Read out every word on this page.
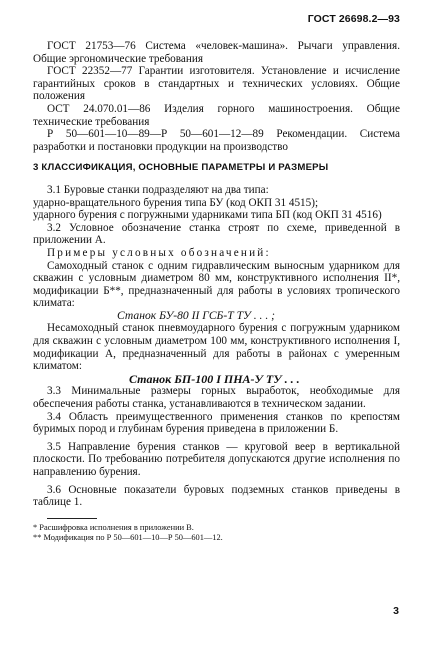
ГОСТ 26698.2—93

ГОСТ 21753—76 Система «человек-машина». Рычаги управления. Общие эргономические требования

ГОСТ 22352—77 Гарантии изготовителя. Установление и исчисление гарантийных сроков в стандартных и технических условиях. Общие положения

ОСТ 24.070.01—86 Изделия горного машиностроения. Общие технические требования

Р 50—601—10—89—Р 50—601—12—89 Рекомендации. Система разработки и постановки продукции на производство

3 КЛАССИФИКАЦИЯ, ОСНОВНЫЕ ПАРАМЕТРЫ И РАЗМЕРЫ

3.1 Буровые станки подразделяют на два типа:

ударно-вращательного бурения типа БУ (код ОКП 31 4515);

ударного бурения с погружными ударниками типа БП (код ОКП 31 4516)

3.2 Условное обозначение станка строят по схеме, приведенной в приложении А.

Примеры условных обозначений:

Самоходный станок с одним гидравлическим выносным ударником для скважин с условным диаметром 80 мм, конструктивного исполнения II*, модификации Б**, предназначенный для работы в условиях тропического климата:

Станок БУ-80 II ГСБ-Т ТУ . . . ;

Несамоходный станок пневмоударного бурения с погружным ударником для скважин с условным диаметром 100 мм, конструктивного исполнения I, модификации А, предназначенный для работы в районах с умеренным климатом:

Станок БП-100 I ПНА-У ТУ . . .

3.3 Минимальные размеры горных выработок, необходимые для обеспечения работы станка, устанавливаются в техническом задании.

3.4 Область преимущественного применения станков по крепостям буримых пород и глубинам бурения приведена в приложении Б.

3.5 Направление бурения станков — круговой веер в вертикальной плоскости. По требованию потребителя допускаются другие исполнения по направлению бурения.

3.6 Основные показатели буровых подземных станков приведены в таблице 1.

* Расшифровка исполнения в приложении В.

** Модификация по Р 50—601—10—Р 50—601—12.

3
